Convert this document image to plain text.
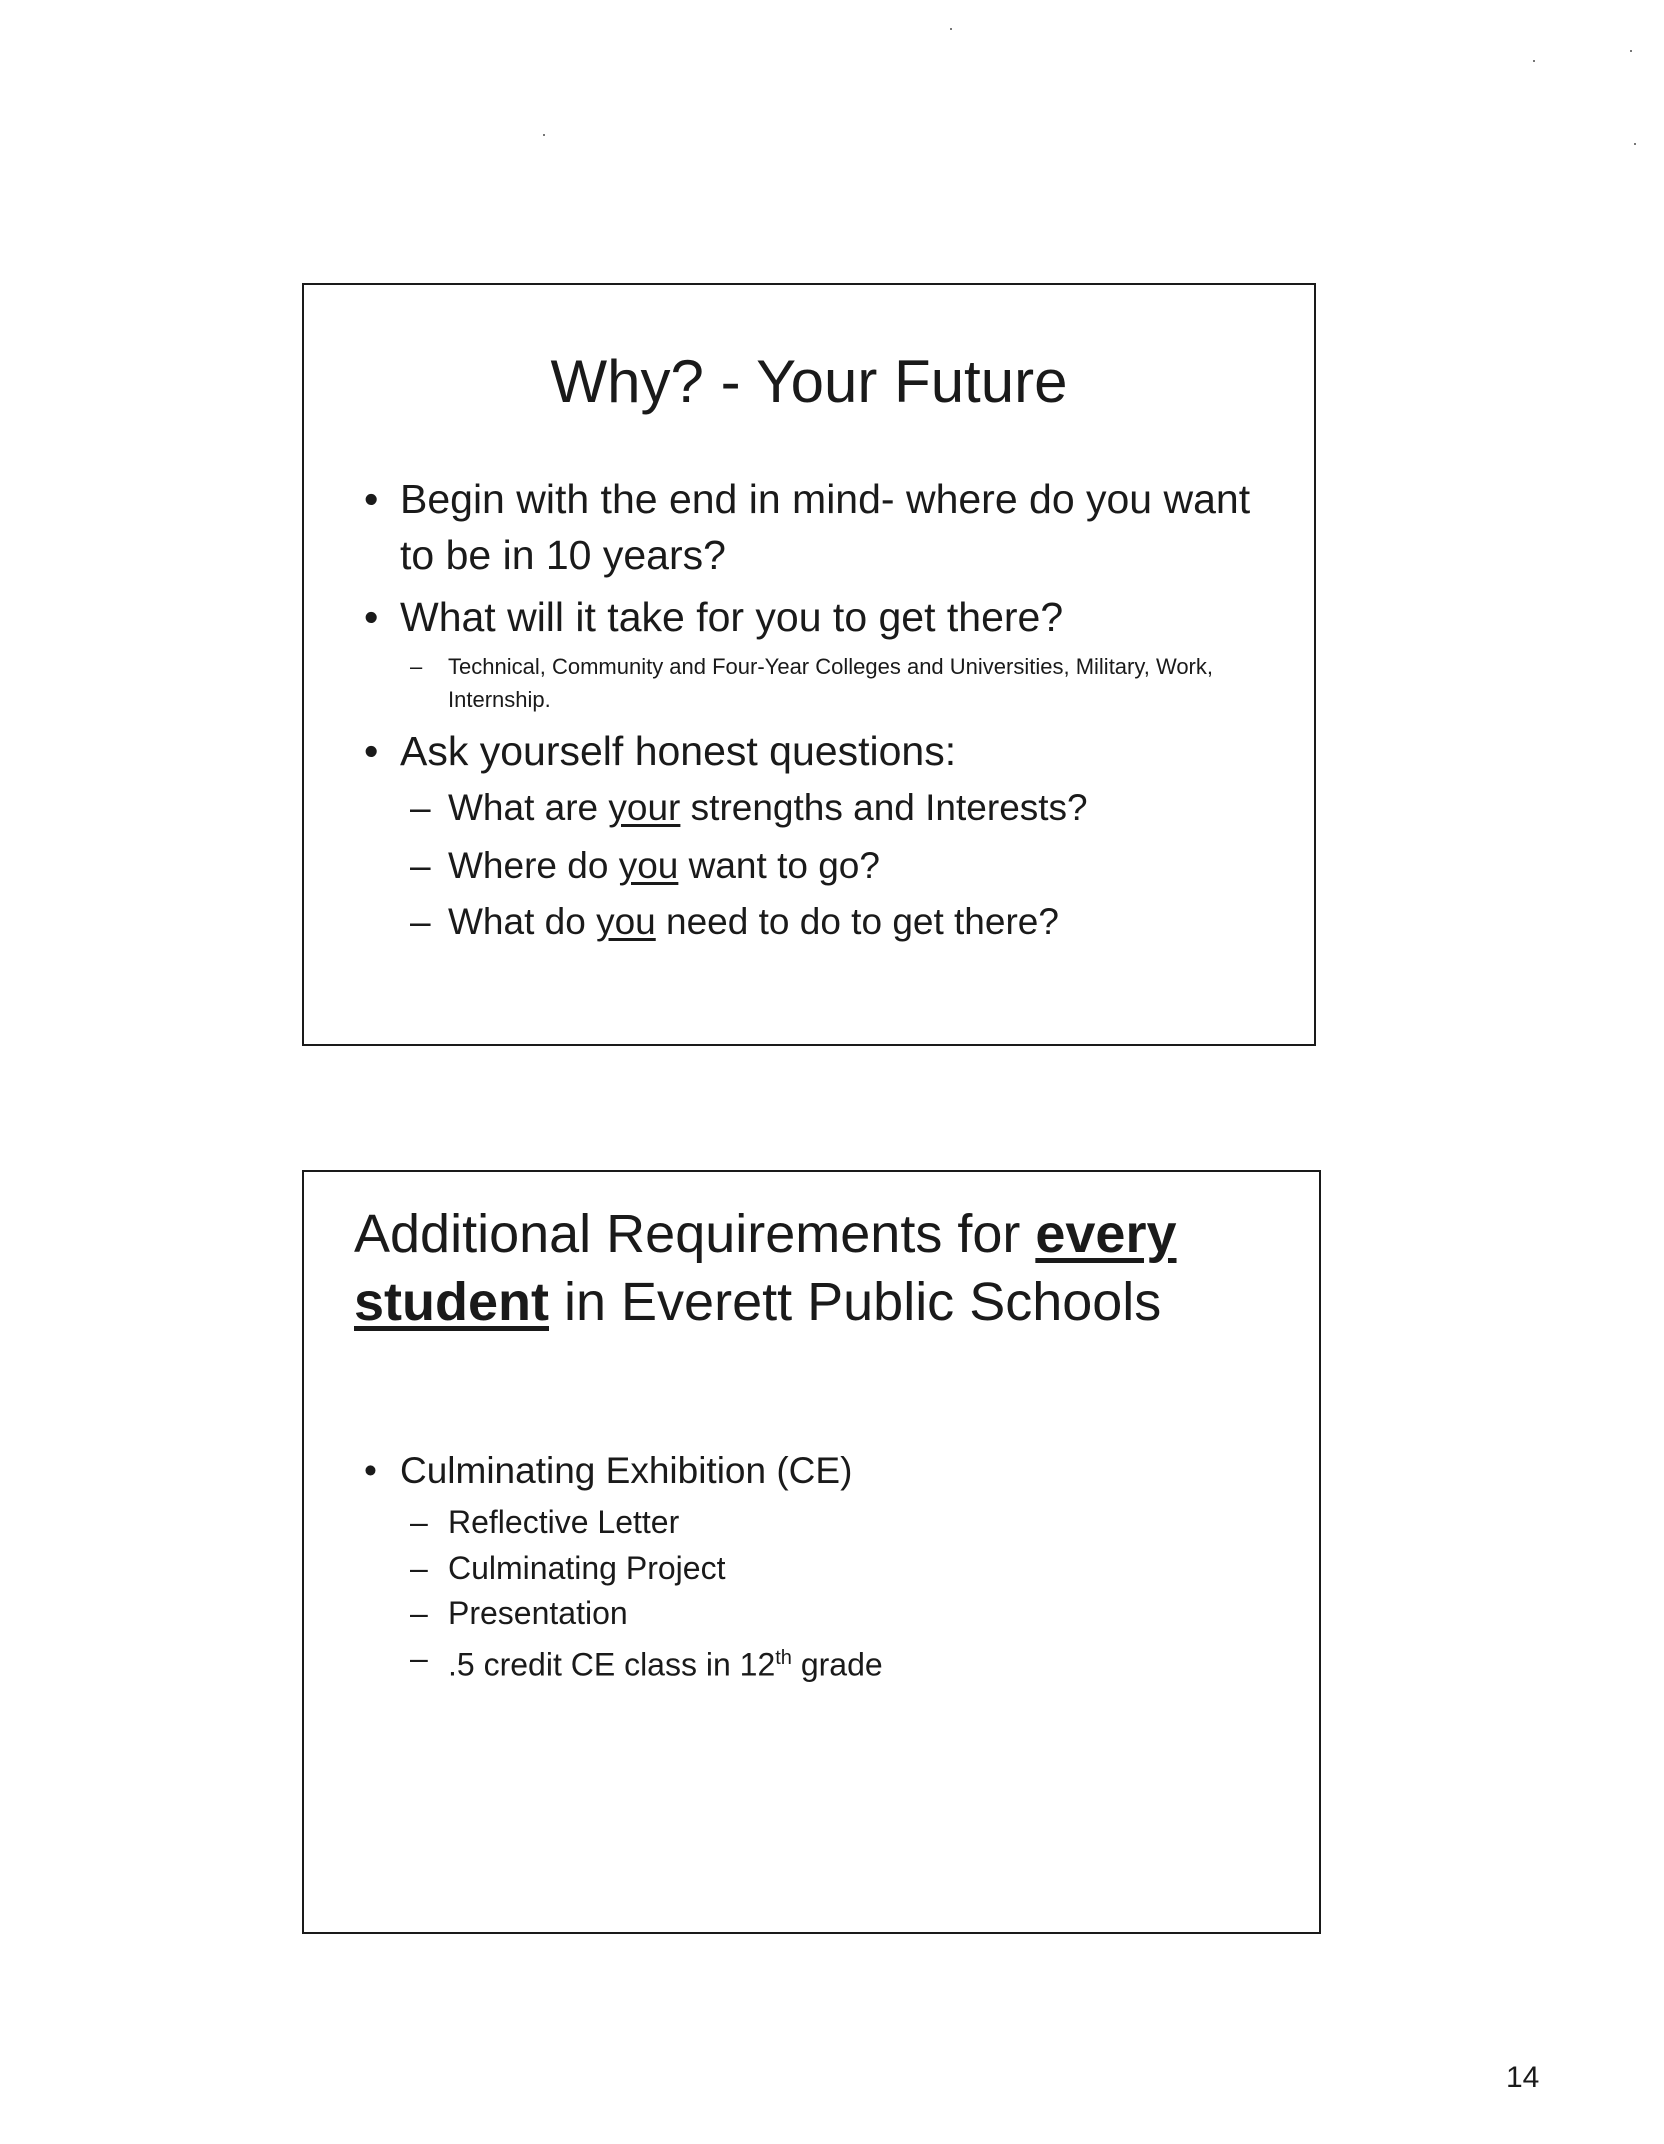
Why? - Your Future
• Begin with the end in mind- where do you want to be in 10 years?
• What will it take for you to get there?
– Technical, Community and Four-Year Colleges and Universities, Military, Work, Internship.
• Ask yourself honest questions:
– What are your strengths and Interests?
– Where do you want to go?
– What do you need to do to get there?
Additional Requirements for every
student in Everett Public Schools
• Culminating Exhibition (CE)
– Reflective Letter
– Culminating Project
– Presentation
– .5 credit CE class in 12th grade
14
